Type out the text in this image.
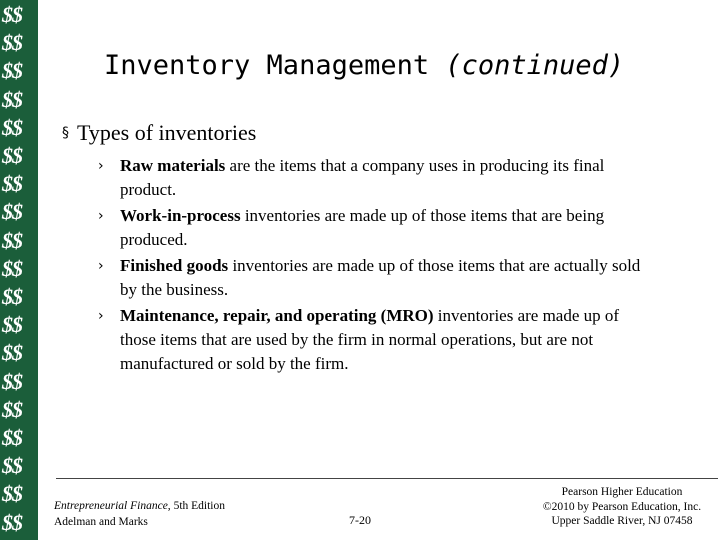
$$
$$
$$
$$
$$
$$
$$
$$
$$
$$
$$
$$
$$
$$
$$
$$
$$
$$
$$
Inventory Management (continued)
§ Types of inventories
› Raw materials are the items that a company uses in producing its final product.
› Work-in-process inventories are made up of those items that are being produced.
› Finished goods inventories are made up of those items that are actually sold by the business.
› Maintenance, repair, and operating (MRO) inventories are made up of those items that are used by the firm in normal operations, but are not manufactured or sold by the firm.
Entrepreneurial Finance, 5th Edition
Adelman and Marks	7-20
Pearson Higher Education
©2010 by Pearson Education, Inc.
Upper Saddle River, NJ 07458
